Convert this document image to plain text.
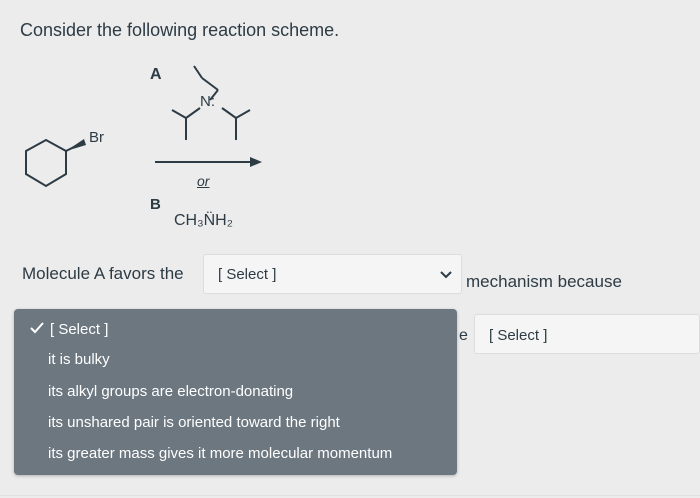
Consider the following reaction scheme.
A
N:
Br
or
B
CH₃N̈H₂
Molecule A favors the [ Select ]	mechanism because
e [ Select ]
[ Select ]
it is bulky
its alkyl groups are electron-donating
its unshared pair is oriented toward the right
its greater mass gives it more molecular momentum
